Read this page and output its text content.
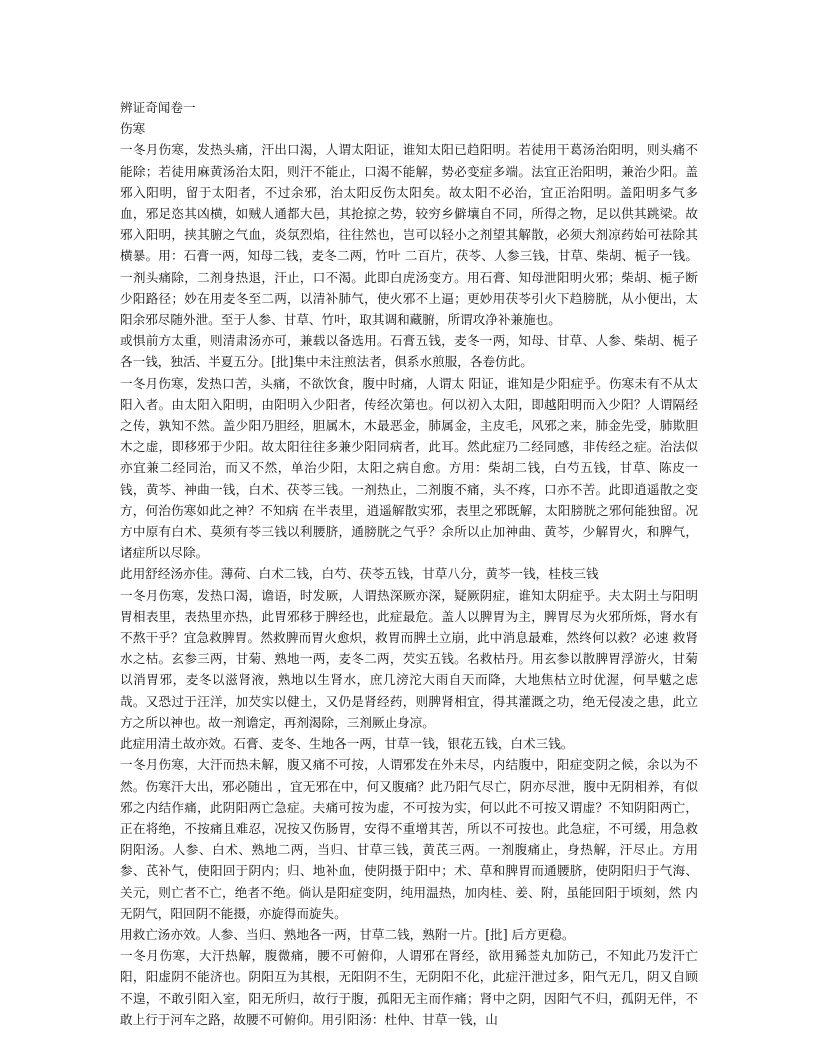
辨证奇闻卷一

伤寒

一冬月伤寒，发热头痛，汗出口渴，人谓太阳证，谁知太阳已趋阳明。若徒用干葛汤治阳明，则头痛不能除；若徒用麻黄汤治太阳，则汗不能止，口渴不能解，势必变症多端。法宜正治阳明，兼治少阳。盖邪入阳明，留于太阳者，不过余邪，治太阳反伤太阳矣。故太阳不必治，宜正治阳明。盖阳明多气多血，邪足恣其凶横，如贼人通都大邑，其抢掠之势，较穷乡僻壤自不同，所得之物，足以供其跳梁。故邪入阳明，挟其腑之气血，炎氛烈焰，往往然也，岂可以轻小之剂望其解散，必须大剂凉药始可祛除其横暴。用：石膏一两，知母二钱，麦冬二两，竹叶 二百片，茯苓、人参三钱，甘草、柴胡、栀子一钱。一剂头痛除，二剂身热退，汗止，口不渴。此即白虎汤变方。用石膏、知母泄阳明火邪；柴胡、栀子断少阳路径；妙在用麦冬至二两，以清补肺气，使火邪不上逼；更妙用茯苓引火下趋膀胱，从小便出，太阳余邪尽随外泄。至于人参、甘草、竹叶，取其调和藏腑，所谓攻净补兼施也。

或惧前方太重，则清肃汤亦可，兼载以备选用。石膏五钱，麦冬一两，知母、甘草、人参、柴胡、栀子各一钱，独活、半夏五分。[批]集中未注煎法者，俱系水煎服，各卷仿此。

一冬月伤寒，发热口苦，头痛，不欲饮食，腹中时痛，人谓太 阳证，谁知是少阳症乎。伤寒未有不从太阳入者。由太阳入阳明，由阳明入少阳者，传经次第也。何以初入太阳，即越阳明而入少阳？人谓隔经之传，孰知不然。盖少阳乃胆经，胆属木，木最恶金，肺属金，主皮毛，风邪之来，肺金先受，肺欺胆木之虚，即移邪于少阳。故太阳往往多兼少阳同病者，此耳。然此症乃二经同感，非传经之症。治法似亦宜兼二经同治，而又不然，单治少阳，太阳之病自愈。方用：柴胡二钱，白芍五钱，甘草、陈皮一钱，黄芩、神曲一钱，白术、茯苓三钱。一剂热止，二剂腹不痛，头不疼，口亦不苦。此即逍遥散之变方，何治伤寒如此之神？不知病 在半表里，逍遥解散实邪，表里之邪既解，太阳膀胱之邪何能独留。况方中原有白术、莫须有苓三钱以利腰脐，通膀胱之气乎？余所以止加神曲、黄芩，少解胃火，和脾气，诸症所以尽除。

此用舒经汤亦佳。薄荷、白术二钱，白芍、茯苓五钱，甘草八分，黄芩一钱，桂枝三钱

一冬月伤寒，发热口渴，谵语，时发厥，人谓热深厥亦深，疑厥阴症，谁知太阴症乎。夫太阴土与阳明胃相表里，表热里亦热，此胃邪移于脾经也，此症最危。盖人以脾胃为主，脾胃尽为火邪所烁，肾水有不熬干乎？宜急救脾胃。然救脾而胃火愈炽，救胃而脾土立崩，此中消息最难，然终何以救？必速 救肾水之枯。玄参三两，甘菊、熟地一两，麦冬二两，芡实五钱。名救枯丹。用玄参以散脾胃浮游火，甘菊以消胃邪，麦冬以滋肾液，熟地以生肾水，庶几滂沱大雨自天而降，大地焦枯立时优渥，何旱魃之虑哉。又恐过于汪洋，加芡实以健土，又仍是肾经药，则脾肾相宜，得其灌溉之功，绝无侵凌之患，此立方之所以神也。故一剂谵定，再剂渴除，三剂厥止身凉。

此症用清土故亦效。石膏、麦冬、生地各一两，甘草一钱，银花五钱，白术三钱。

一冬月伤寒，大汗而热未解，腹又痛不可按，人谓邪发在外未尽，内结腹中，阳症变阴之候，余以为不然。伤寒汗大出，邪必随出 ，宜无邪在中，何又腹痛？此乃阳气尽亡，阴亦尽泄，腹中无阴相养，有似邪之内结作痛，此阴阳两亡急症。夫痛可按为虚，不可按为实，何以此不可按又谓虚？不知阴阳两亡，正在将绝，不按痛且难忍，况按又伤肠胃，安得不重增其苦，所以不可按也。此急症，不可缓，用急救阴阳汤。人参、白术、熟地二两，当归、甘草三钱，黄芪三两。一剂腹痛止，身热解，汗尽止。方用参、芪补气，使阳回于阴内；归、地补血，使阴摄于阳中；术、草和脾胃而通腰脐，使阴阳归于气海、关元，则亡者不亡，绝者不绝。倘认是阳症变阴，纯用温热，加肉桂、姜、附，虽能回阳于顷刻，然 内无阴气，阳回阴不能摄，亦旋得而旋失。

用救亡汤亦效。人参、当归、熟地各一两，甘草二钱，熟附一片。[批] 后方更稳。

一冬月伤寒，大汗热解，腹微痛，腰不可俯仰，人谓邪在肾经，欲用豨莶丸加防己，不知此乃发汗亡阳，阳虚阴不能济也。阴阳互为其根，无阳阴不生，无阴阳不化，此症汗泄过多，阳气无几，阴又自顾不遑，不敢引阳入室，阳无所归，故行于腹，孤阳无主而作痛；肾中之阴，因阳气不归，孤阴无伴，不敢上行于河车之路，故腰不可俯仰。用引阳汤：杜仲、甘草一钱，山
